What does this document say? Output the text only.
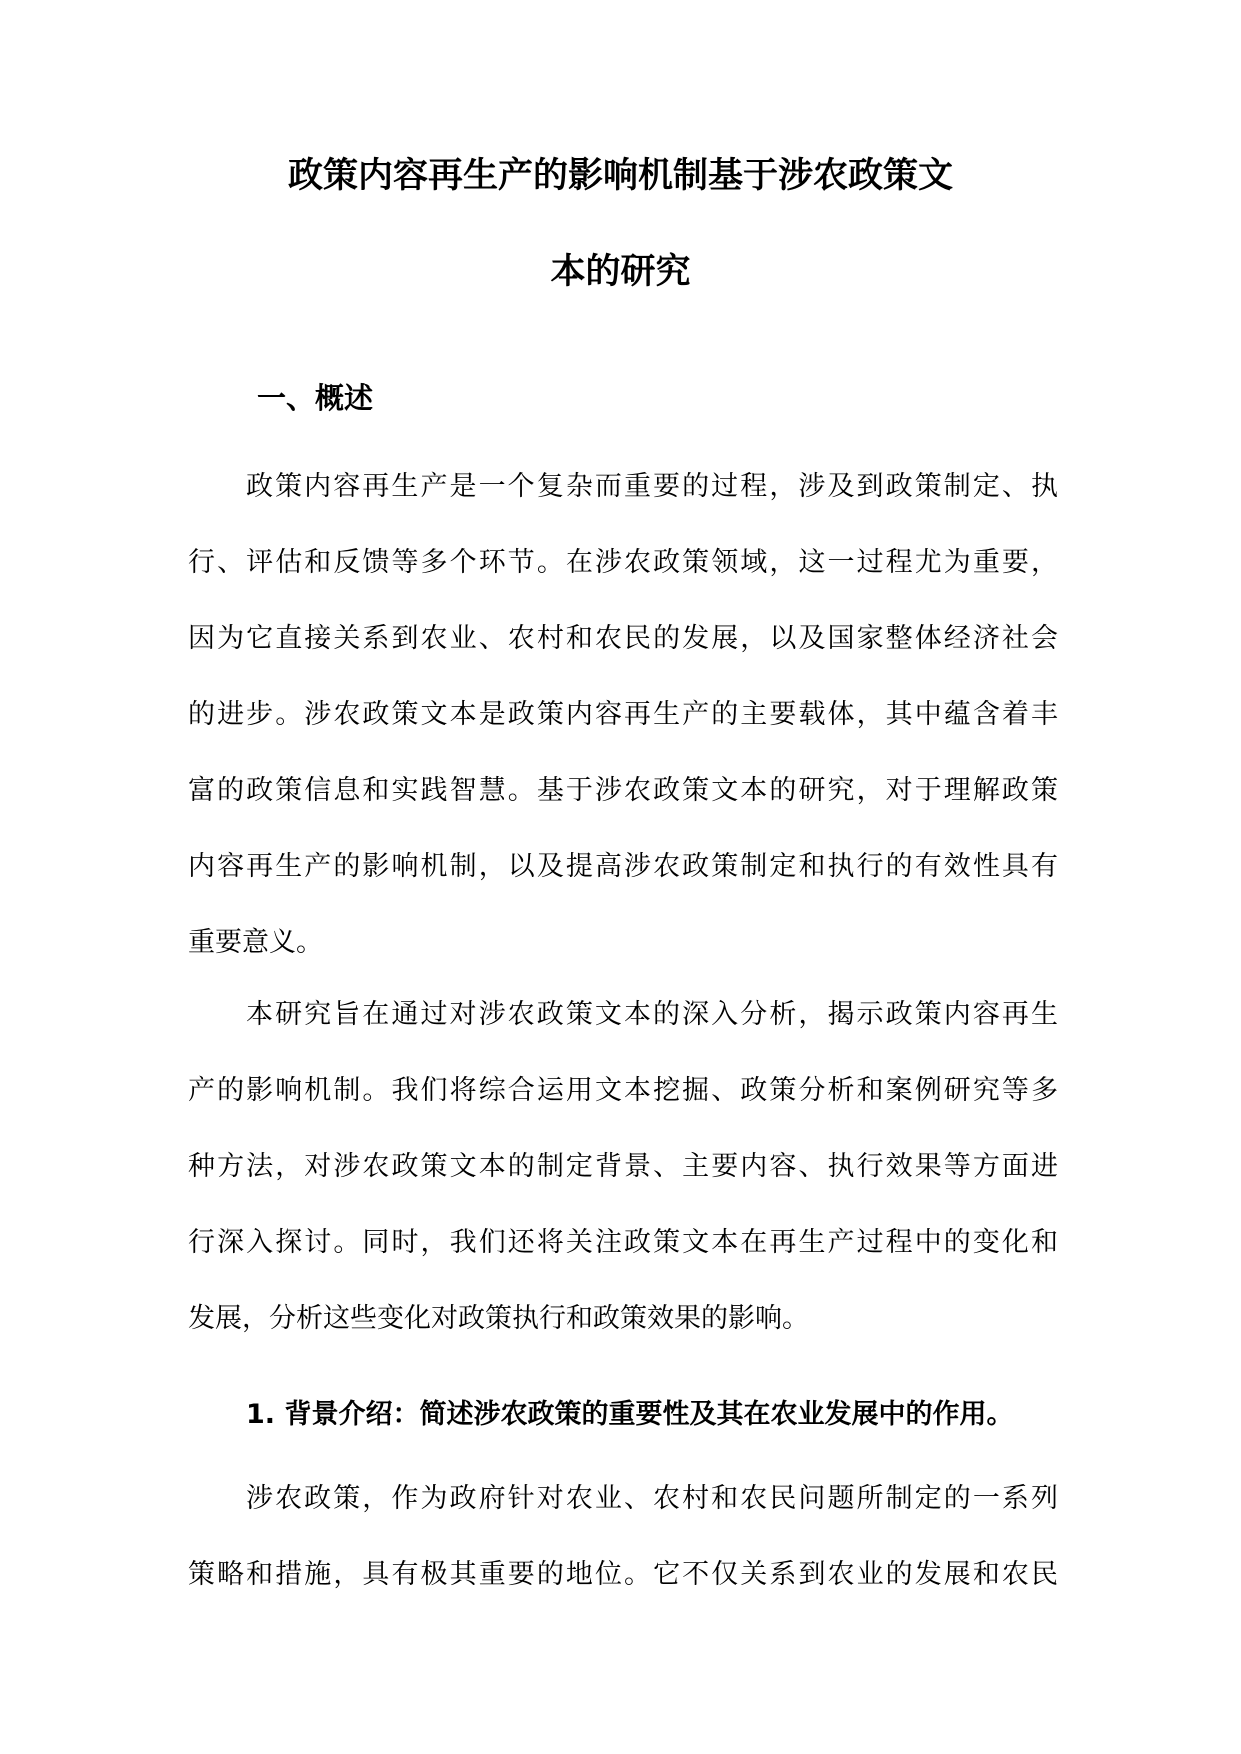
政策内容再生产的影响机制基于涉农政策文
本的研究
一、概述
政策内容再生产是一个复杂而重要的过程，涉及到政策制定、执
行、评估和反馈等多个环节。在涉农政策领域，这一过程尤为重要，
因为它直接关系到农业、农村和农民的发展，以及国家整体经济社会
的进步。涉农政策文本是政策内容再生产的主要载体，其中蕴含着丰
富的政策信息和实践智慧。基于涉农政策文本的研究，对于理解政策
内容再生产的影响机制，以及提高涉农政策制定和执行的有效性具有
重要意义。
本研究旨在通过对涉农政策文本的深入分析，揭示政策内容再生
产的影响机制。我们将综合运用文本挖掘、政策分析和案例研究等多
种方法，对涉农政策文本的制定背景、主要内容、执行效果等方面进
行深入探讨。同时，我们还将关注政策文本在再生产过程中的变化和
发展，分析这些变化对政策执行和政策效果的影响。
1. 背景介绍：简述涉农政策的重要性及其在农业发展中的作用。
涉农政策，作为政府针对农业、农村和农民问题所制定的一系列
策略和措施，具有极其重要的地位。它不仅关系到农业的发展和农民
